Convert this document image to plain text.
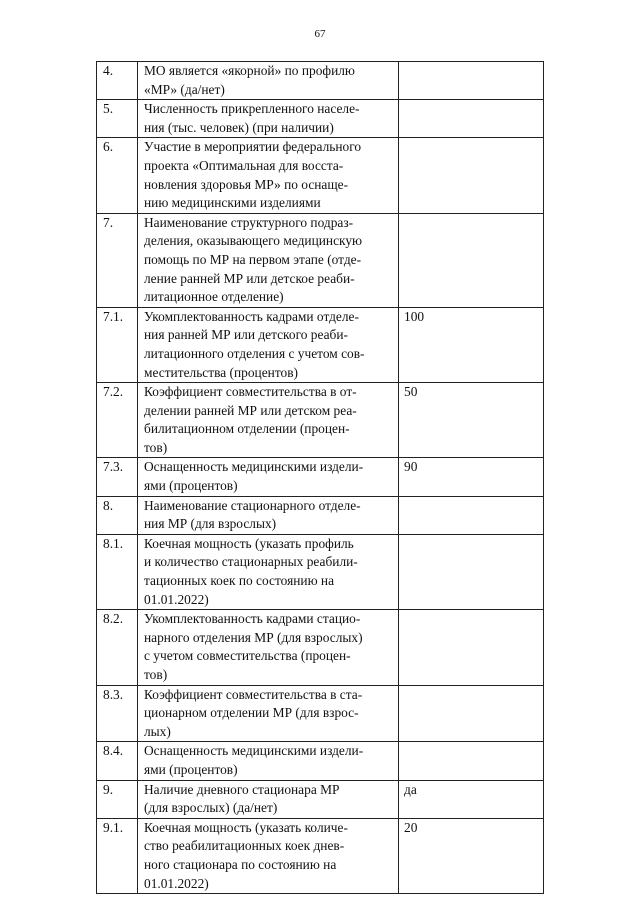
67
4.	МО является «якорной» по профилю
«МР» (да/нет)	

5.	Численность прикрепленного населе-
ния (тыс. человек) (при наличии)	

6.	Участие в мероприятии федерального
проекта «Оптимальная для восста-
новления здоровья МР» по оснаще-
нию медицинскими изделиями	

7.	Наименование структурного подраз-
деления, оказывающего медицинскую
помощь по МР на первом этапе (отде-
ление ранней МР или детское реаби-
литационное отделение)	

7.1.	Укомплектованность кадрами отделе-
ния ранней МР или детского реаби-
литационного отделения с учетом сов-
местительства (процентов)	100
7.2.	Коэффициент совместительства в от-
делении ранней МР или детском реа-
билитационном отделении (процен-
тов)	50
7.3.	Оснащенность медицинскими издели-
ями (процентов)	90
8.	Наименование стационарного отделе-
ния МР (для взрослых)	

8.1.	Коечная мощность (указать профиль
и количество стационарных реабили-
тационных коек по состоянию на
01.01.2022)	

8.2.	Укомплектованность кадрами стацио-
нарного отделения МР (для взрослых)
с учетом совместительства (процен-
тов)	

8.3.	Коэффициент совместительства в ста-
ционарном отделении МР (для взрос-
лых)	

8.4.	Оснащенность медицинскими издели-
ями (процентов)	

9.	Наличие дневного стационара МР
(для взрослых) (да/нет)	да
9.1.	Коечная мощность (указать количе-
ство реабилитационных коек днев-
ного стационара по состоянию на
01.01.2022)	20
